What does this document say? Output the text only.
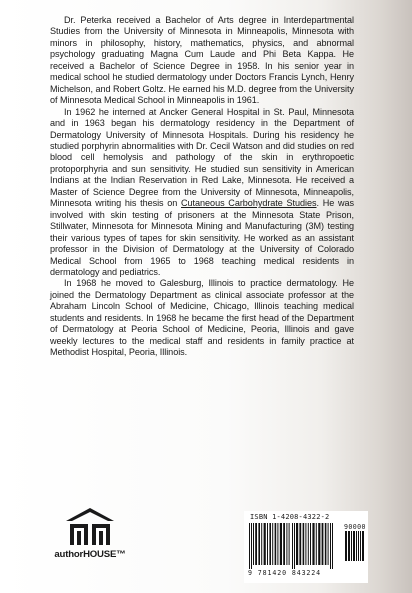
Dr. Peterka received a Bachelor of Arts degree in Interdepartmental Studies from the University of Minnesota in Minneapolis, Minnesota with minors in philosophy, history, mathematics, physics, and abnormal psychology graduating Magna Cum Laude and Phi Beta Kappa. He received a Bachelor of Science Degree in 1958. In his senior year in medical school he studied dermatology under Doctors Francis Lynch, Henry Michelson, and Robert Goltz. He earned his M.D. degree from the University of Minnesota Medical School in Minneapolis in 1961.

In 1962 he interned at Ancker General Hospital in St. Paul, Minnesota and in 1963 began his dermatology residency in the Department of Dermatology University of Minnesota Hospitals. During his residency he studied porphyrin abnormalities with Dr. Cecil Watson and did studies on red blood cell hemolysis and pathology of the skin in erythropoetic protoporphyria and sun sensitivity. He studied sun sensitivity in American Indians at the Indian Reservation in Red Lake, Minnesota. He received a Master of Science Degree from the University of Minnesota, Minneapolis, Minnesota writing his thesis on Cutaneous Carbohydrate Studies. He was involved with skin testing of prisoners at the Minnesota State Prison, Stillwater, Minnesota for Minnesota Mining and Manufacturing (3M) testing their various types of tapes for skin sensitivity. He worked as an assistant professor in the Division of Dermatology at the University of Colorado Medical School from 1965 to 1968 teaching medical residents in dermatology and pediatrics.

In 1968 he moved to Galesburg, Illinois to practice dermatology. He joined the Dermatology Department as clinical associate professor at the Abraham Lincoln School of Medicine, Chicago, Illinois teaching medical students and residents. In 1968 he became the first head of the Department of Dermatology at Peoria School of Medicine, Peoria, Illinois and gave weekly lectures to the medical staff and residents in family practice at Methodist Hospital, Peoria, Illinois.

authorHOUSE™
ISBN 1-4208-4322-2
90000
9 781420 843224
